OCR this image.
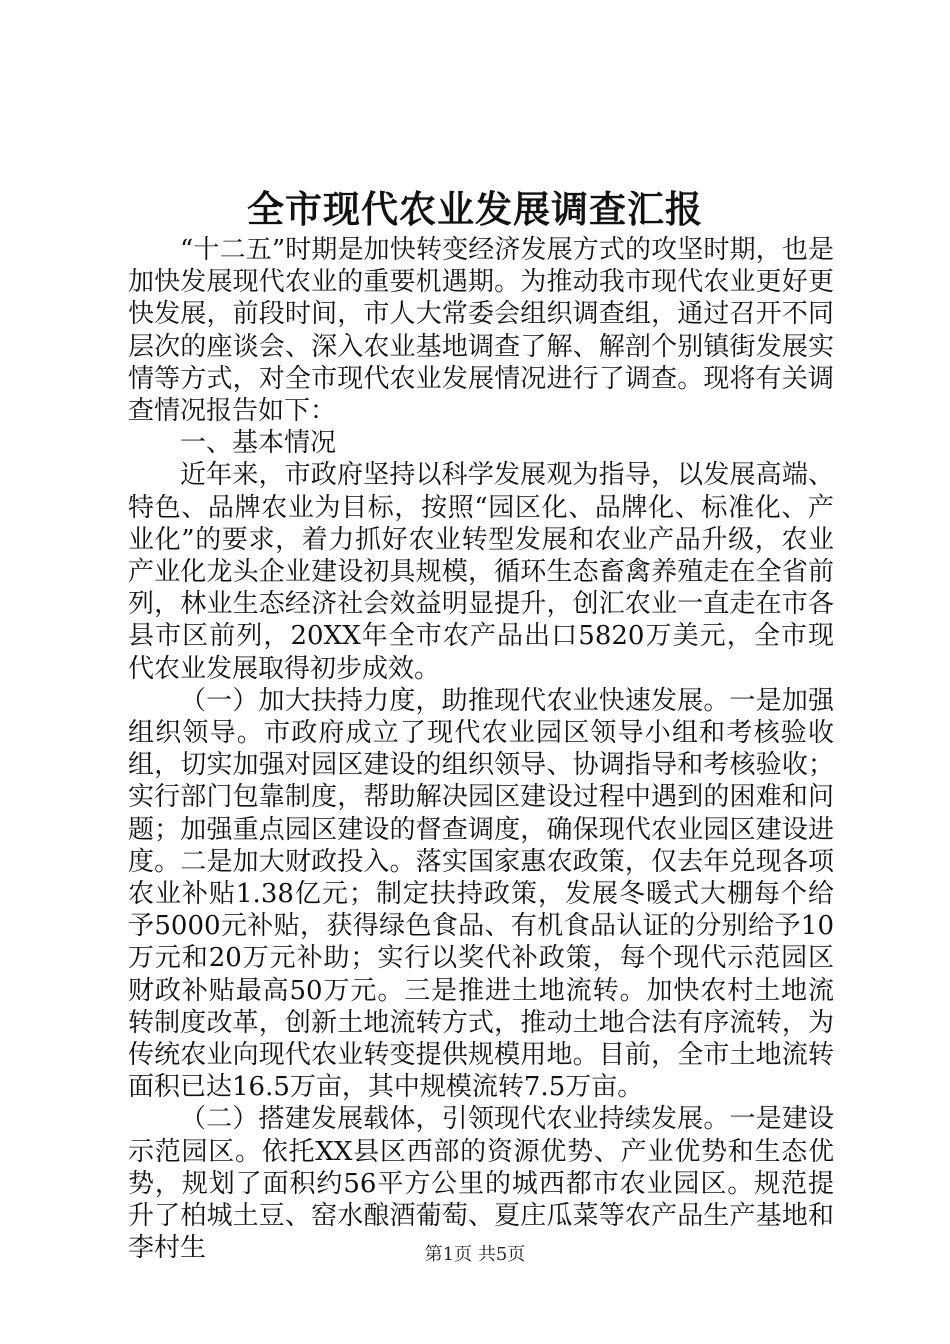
全市现代农业发展调查汇报

“十二五”时期是加快转变经济发展方式的攻坚时期，也是加快发展现代农业的重要机遇期。为推动我市现代农业更好更快发展，前段时间，市人大常委会组织调查组，通过召开不同层次的座谈会、深入农业基地调查了解、解剖个别镇街发展实情等方式，对全市现代农业发展情况进行了调查。现将有关调查情况报告如下：

一、基本情况

近年来，市政府坚持以科学发展观为指导，以发展高端、特色、品牌农业为目标，按照“园区化、品牌化、标准化、产业化”的要求，着力抓好农业转型发展和农业产品升级，农业产业化龙头企业建设初具规模，循环生态畜禽养殖走在全省前列，林业生态经济社会效益明显提升，创汇农业一直走在市各县市区前列，20XX年全市农产品出口5820万美元，全市现代农业发展取得初步成效。

（一）加大扶持力度，助推现代农业快速发展。一是加强组织领导。市政府成立了现代农业园区领导小组和考核验收组，切实加强对园区建设的组织领导、协调指导和考核验收；实行部门包靠制度，帮助解决园区建设过程中遇到的困难和问题；加强重点园区建设的督查调度，确保现代农业园区建设进度。二是加大财政投入。落实国家惠农政策，仅去年兑现各项农业补贴1.38亿元；制定扶持政策，发展冬暖式大棚每个给予5000元补贴，获得绿色食品、有机食品认证的分别给予10万元和20万元补助；实行以奖代补政策，每个现代示范园区财政补贴最高50万元。三是推进土地流转。加快农村土地流转制度改革，创新土地流转方式，推动土地合法有序流转，为传统农业向现代农业转变提供规模用地。目前，全市土地流转面积已达16.5万亩，其中规模流转7.5万亩。

（二）搭建发展载体，引领现代农业持续发展。一是建设示范园区。依托XX县区西部的资源优势、产业优势和生态优势，规划了面积约56平方公里的城西都市农业园区。规范提升了柏城土豆、窑水酿酒葡萄、夏庄瓜菜等农产品生产基地和李村生	第1页 共5页
